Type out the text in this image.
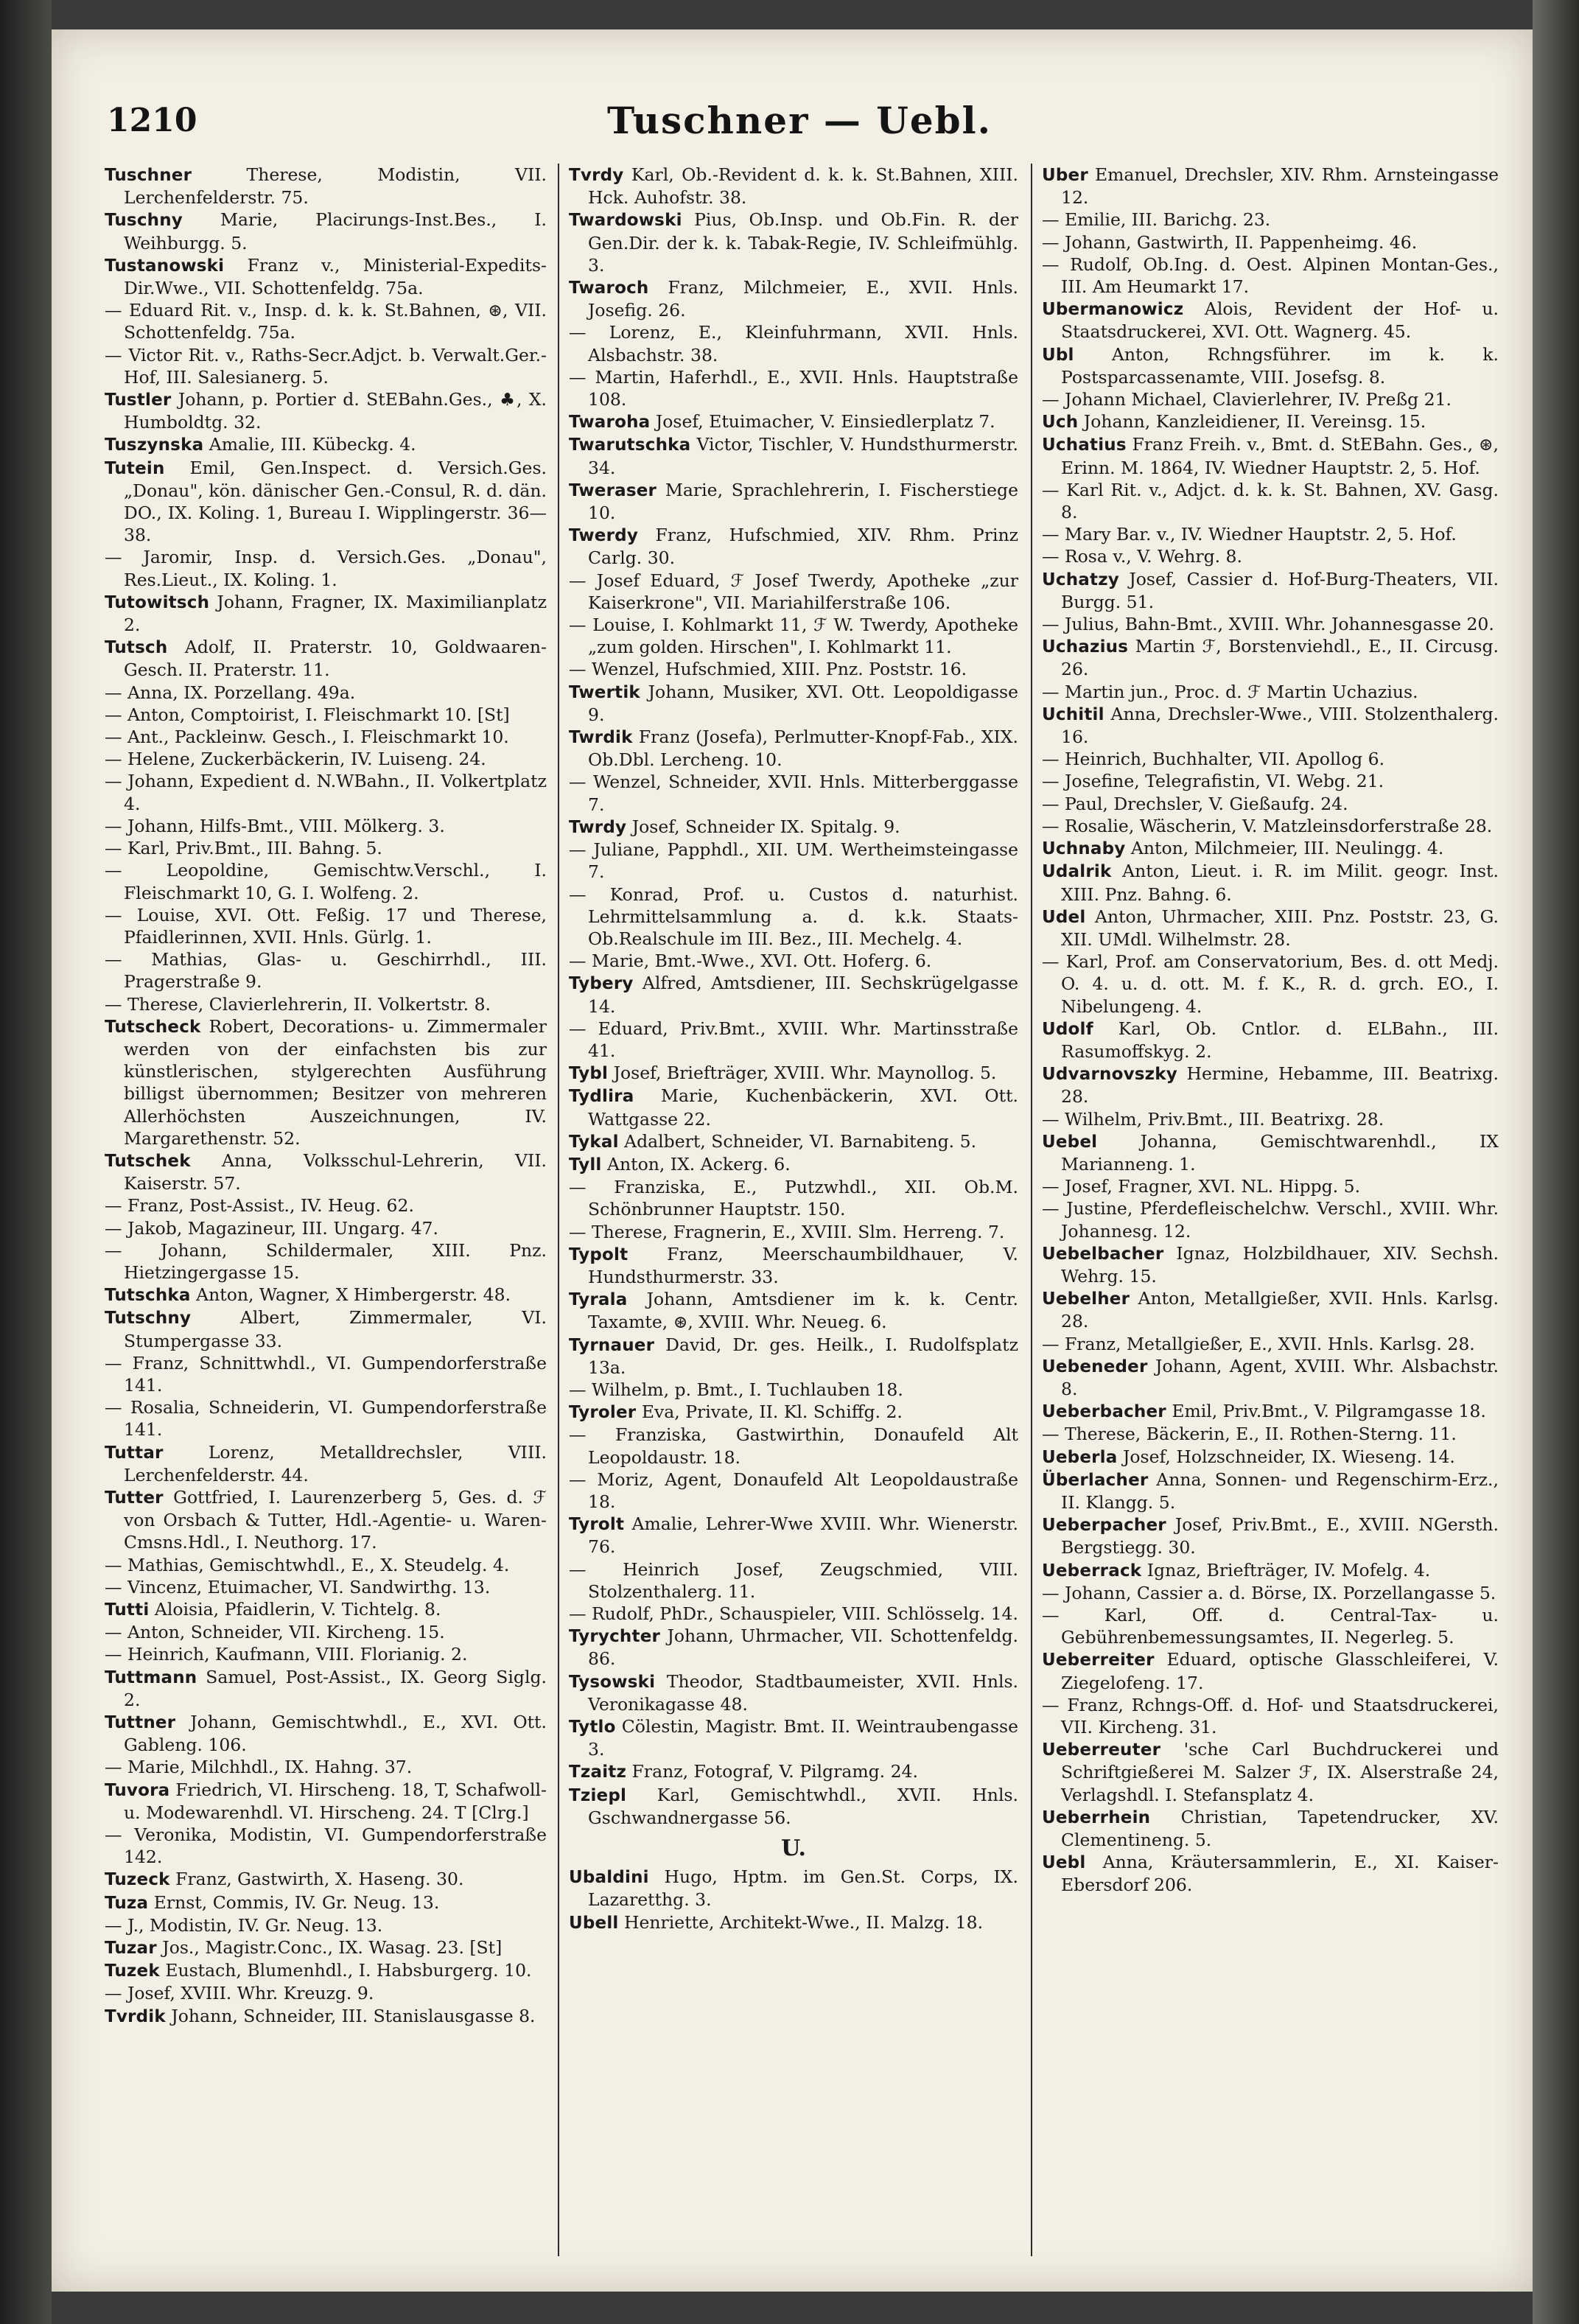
1210	Tuschner — Uebl.

Tuschner	Therese, Modistin, VII. Lerchenfelderstr. 75.

Tuschny Marie, Placirungs-Inst.Bes., I. Weihburgg. 5.

Tustanowski Franz v., Ministerial-Expedits-Dir.Wwe., VII. Schottenfeldg. 75a.

— Eduard Rit. v., Insp. d. k. k. St.Bahnen, ⊛, VII. Schottenfeldg. 75a.

— Victor Rit. v., Raths-Secr.Adjct. b. Verwalt.Ger.-Hof, III. Salesianerg. 5.

Tustler Johann, p. Portier d. StEBahn.Ges., ♣, X. Humboldtg. 32.

Tuszynska Amalie, III. Kübeckg. 4.

Tutein Emil, Gen.Inspect. d. Versich.Ges. „Donau", kön. dänischer Gen.-Consul, R. d. dän. DO., IX. Koling. 1, Bureau I. Wipplingerstr. 36—38.

— Jaromir, Insp. d. Versich.Ges. „Donau", Res.Lieut., IX. Koling. 1.

Tutowitsch Johann, Fragner, IX. Maximilianplatz 2.

Tutsch Adolf, II. Praterstr. 10, Goldwaaren-Gesch. II. Praterstr. 11.

— Anna, IX. Porzellang. 49a.

— Anton, Comptoirist, I. Fleischmarkt 10. [St]

— Ant., Packleinw. Gesch., I. Fleischmarkt 10.

— Helene, Zuckerbäckerin, IV. Luiseng. 24.

— Johann, Expedient d. N.WBahn., II. Volkertplatz 4.

— Johann, Hilfs-Bmt., VIII. Mölkerg. 3.

— Karl, Priv.Bmt., III. Bahng. 5.

— Leopoldine, Gemischtw.Verschl., I. Fleischmarkt 10, G. I. Wolfeng. 2.

— Louise, XVI. Ott. Feßig. 17 und Therese, Pfaidlerinnen, XVII. Hnls. Gürlg. 1.

— Mathias, Glas- u. Geschirrhdl., III. Pragerstraße 9.

— Therese, Clavierlehrerin, II. Volkertstr. 8.

Tutscheck Robert, Decorations- u. Zimmermaler werden von der einfachsten bis zur künstlerischen, stylgerechten Ausführung billigst übernommen; Besitzer von mehreren Allerhöchsten Auszeichnungen, IV. Margarethenstr. 52.

Tutschek Anna, Volksschul-Lehrerin, VII. Kaiserstr. 57.

— Franz, Post-Assist., IV. Heug. 62.

— Jakob, Magazineur, III. Ungarg. 47.

— Johann, Schildermaler, XIII. Pnz. Hietzingergasse 15.

Tutschka Anton, Wagner, X Himbergerstr. 48.

Tutschny	Albert, Zimmermaler, VI. Stumpergasse 33.

— Franz, Schnittwhdl., VI. Gumpendorferstraße 141.

— Rosalia, Schneiderin, VI. Gumpendorferstraße 141.

Tuttar	Lorenz, Metalldrechsler, VIII. Lerchenfelderstr. 44.

Tutter Gottfried, I. Laurenzerberg 5, Ges. d. ℱ von Orsbach & Tutter, Hdl.-Agentie- u. Waren-Cmsns.Hdl., I. Neuthorg. 17.

— Mathias, Gemischtwhdl., E., X. Steudelg. 4.

— Vincenz, Etuimacher, VI. Sandwirthg. 13.

Tutti Aloisia, Pfaidlerin, V. Tichtelg. 8.

— Anton, Schneider, VII. Kircheng. 15.

— Heinrich, Kaufmann, VIII. Florianig. 2.

Tuttmann Samuel, Post-Assist., IX. Georg Siglg. 2.

Tuttner Johann, Gemischtwhdl., E., XVI. Ott. Gableng. 106.

— Marie, Milchhdl., IX. Hahng. 37.

Tuvora Friedrich, VI. Hirscheng. 18, T, Schafwoll- u. Modewarenhdl. VI. Hirscheng. 24. T [Clrg.]

— Veronika, Modistin, VI. Gumpendorferstraße 142.

Tuzeck Franz, Gastwirth, X. Haseng. 30.

Tuza Ernst, Commis, IV. Gr. Neug. 13.

— J., Modistin, IV. Gr. Neug. 13.

Tuzar Jos., Magistr.Conc., IX. Wasag. 23. [St]

Tuzek Eustach, Blumenhdl., I. Habsburgerg. 10.

— Josef, XVIII. Whr. Kreuzg. 9.

Tvrdik Johann, Schneider, III. Stanislausgasse 8.

Tvrdy Karl, Ob.-Revident d. k. k. St.Bahnen, XIII. Hck. Auhofstr. 38.

Twardowski Pius, Ob.Insp. und Ob.Fin. R. der Gen.Dir. der k. k. Tabak-Regie, IV. Schleifmühlg. 3.

Twaroch Franz, Milchmeier, E., XVII. Hnls. Josefig. 26.

— Lorenz, E., Kleinfuhrmann, XVII. Hnls. Alsbachstr. 38.

— Martin, Haferhdl., E., XVII. Hnls. Hauptstraße 108.

Twaroha Josef, Etuimacher, V. Einsiedlerplatz 7.

Twarutschka Victor, Tischler, V. Hundsthurmerstr. 34.

Tweraser Marie, Sprachlehrerin, I. Fischerstiege 10.

Twerdy Franz, Hufschmied, XIV. Rhm. Prinz Carlg. 30.

— Josef Eduard, ℱ Josef Twerdy, Apotheke „zur Kaiserkrone", VII. Mariahilferstraße 106.

— Louise, I. Kohlmarkt 11, ℱ W. Twerdy, Apotheke „zum golden. Hirschen", I. Kohlmarkt 11.

— Wenzel, Hufschmied, XIII. Pnz. Poststr. 16.

Twertik Johann, Musiker, XVI. Ott. Leopoldigasse 9.

Twrdik Franz (Josefa), Perlmutter-Knopf-Fab., XIX. Ob.Dbl. Lercheng. 10.

— Wenzel, Schneider, XVII. Hnls. Mitterberggasse 7.

Twrdy Josef, Schneider IX. Spitalg. 9.

— Juliane, Papphdl., XII. UM. Wertheimsteingasse 7.

— Konrad, Prof. u. Custos d. naturhist. Lehrmittelsammlung a. d. k.k. Staats-Ob.Realschule im III. Bez., III. Mechelg. 4.

— Marie, Bmt.-Wwe., XVI. Ott. Hoferg. 6.

Tybery Alfred, Amtsdiener, III. Sechskrügelgasse 14.

— Eduard, Priv.Bmt., XVIII. Whr. Martinsstraße 41.

Tybl Josef, Briefträger, XVIII. Whr. Maynollog. 5.

Tydlira Marie, Kuchenbäckerin, XVI. Ott. Wattgasse 22.

Tykal Adalbert, Schneider, VI. Barnabiteng. 5.

Tyll Anton, IX. Ackerg. 6.

— Franziska, E., Putzwhdl., XII. Ob.M. Schönbrunner Hauptstr. 150.

— Therese, Fragnerin, E., XVIII. Slm. Herreng. 7.

Typolt Franz, Meerschaumbildhauer, V. Hundsthurmerstr. 33.

Tyrala Johann, Amtsdiener im k. k. Centr. Taxamte, ⊛, XVIII. Whr. Neueg. 6.

Tyrnauer David, Dr. ges. Heilk., I. Rudolfsplatz 13a.

— Wilhelm, p. Bmt., I. Tuchlauben 18.

Tyroler Eva, Private, II. Kl. Schiffg. 2.

— Franziska, Gastwirthin, Donaufeld Alt Leopoldaustr. 18.

— Moriz, Agent, Donaufeld Alt Leopoldaustraße 18.

Tyrolt Amalie, Lehrer-Wwe XVIII. Whr. Wienerstr. 76.

— Heinrich Josef, Zeugschmied, VIII. Stolzenthalerg. 11.

— Rudolf, PhDr., Schauspieler, VIII. Schlösselg. 14.

Tyrychter Johann, Uhrmacher, VII. Schottenfeldg. 86.

Tysowski Theodor, Stadtbaumeister, XVII. Hnls. Veronikagasse 48.

Tytlo Cölestin, Magistr. Bmt. II. Weintraubengasse 3.

Tzaitz Franz, Fotograf, V. Pilgramg. 24.

Tziepl Karl, Gemischtwhdl., XVII. Hnls. Gschwandnergasse 56.

U.

Ubaldini Hugo, Hptm. im Gen.St. Corps, IX. Lazaretthg. 3.

Ubell Henriette, Architekt-Wwe., II. Malzg. 18.

Uber Emanuel, Drechsler, XIV. Rhm. Arnsteingasse 12.

— Emilie, III. Barichg. 23.

— Johann, Gastwirth, II. Pappenheimg. 46.

— Rudolf, Ob.Ing. d. Oest. Alpinen Montan-Ges., III. Am Heumarkt 17.

Ubermanowicz Alois, Revident der Hof- u. Staatsdruckerei, XVI. Ott. Wagnerg. 45.

Ubl Anton, Rchngsführer. im k. k. Postsparcassenamte, VIII. Josefsg. 8.

— Johann Michael, Clavierlehrer, IV. Preßg 21.

Uch Johann, Kanzleidiener, II. Vereinsg. 15.

Uchatius Franz Freih. v., Bmt. d. StEBahn. Ges., ⊛, Erinn. M. 1864, IV. Wiedner Hauptstr. 2, 5. Hof.

— Karl Rit. v., Adjct. d. k. k. St. Bahnen, XV. Gasg. 8.

— Mary Bar. v., IV. Wiedner Hauptstr. 2, 5. Hof.

— Rosa v., V. Wehrg. 8.

Uchatzy Josef, Cassier d. Hof-Burg-Theaters, VII. Burgg. 51.

— Julius, Bahn-Bmt., XVIII. Whr. Johannesgasse 20.

Uchazius Martin ℱ, Borstenviehdl., E., II. Circusg. 26.

— Martin jun., Proc. d. ℱ Martin Uchazius.

Uchitil Anna, Drechsler-Wwe., VIII. Stolzenthalerg. 16.

— Heinrich, Buchhalter, VII. Apollog 6.

— Josefine, Telegrafistin, VI. Webg. 21.

— Paul, Drechsler, V. Gießaufg. 24.

— Rosalie, Wäscherin, V. Matzleinsdorferstraße 28.

Uchnaby Anton, Milchmeier, III. Neulingg. 4.

Udalrik Anton, Lieut. i. R. im Milit. geogr. Inst. XIII. Pnz. Bahng. 6.

Udel Anton, Uhrmacher, XIII. Pnz. Poststr. 23, G. XII. UMdl. Wilhelmstr. 28.

— Karl, Prof. am Conservatorium, Bes. d. ott Medj. O. 4. u. d. ott. M. f. K., R. d. grch. EO., I. Nibelungeng. 4.

Udolf Karl, Ob. Cntlor. d. ELBahn., III. Rasumoffskyg. 2.

Udvarnovszky Hermine, Hebamme, III. Beatrixg. 28.

— Wilhelm, Priv.Bmt., III. Beatrixg. 28.

Uebel Johanna, Gemischtwarenhdl., IX Marianneng. 1.

— Josef, Fragner, XVI. NL. Hippg. 5.

— Justine, Pferdefleischelchw. Verschl., XVIII. Whr. Johannesg. 12.

Uebelbacher Ignaz, Holzbildhauer, XIV. Sechsh. Wehrg. 15.

Uebelher Anton, Metallgießer, XVII. Hnls. Karlsg. 28.

— Franz, Metallgießer, E., XVII. Hnls. Karlsg. 28.

Uebeneder Johann, Agent, XVIII. Whr. Alsbachstr. 8.

Ueberbacher Emil, Priv.Bmt., V. Pilgramgasse 18.

— Therese, Bäckerin, E., II. Rothen-Sterng. 11.

Ueberla Josef, Holzschneider, IX. Wieseng. 14.

Überlacher Anna, Sonnen- und Regenschirm-Erz., II. Klangg. 5.

Ueberpacher Josef, Priv.Bmt., E., XVIII. NGersth. Bergstiegg. 30.

Ueberrack Ignaz, Briefträger, IV. Mofelg. 4.

— Johann, Cassier a. d. Börse, IX. Porzellangasse 5.

— Karl, Off. d. Central-Tax- u. Gebührenbemessungsamtes, II. Negerleg. 5.

Ueberreiter Eduard, optische Glasschleiferei, V. Ziegelofeng. 17.

— Franz, Rchngs-Off. d. Hof- und Staatsdruckerei, VII. Kircheng. 31.

Ueberreuter 'sche Carl Buchdruckerei und Schriftgießerei M. Salzer ℱ, IX. Alserstraße 24, Verlagshdl. I. Stefansplatz 4.

Ueberrhein Christian, Tapetendrucker, XV. Clementineng. 5.

Uebl Anna, Kräutersammlerin, E., XI. Kaiser-Ebersdorf 206.
